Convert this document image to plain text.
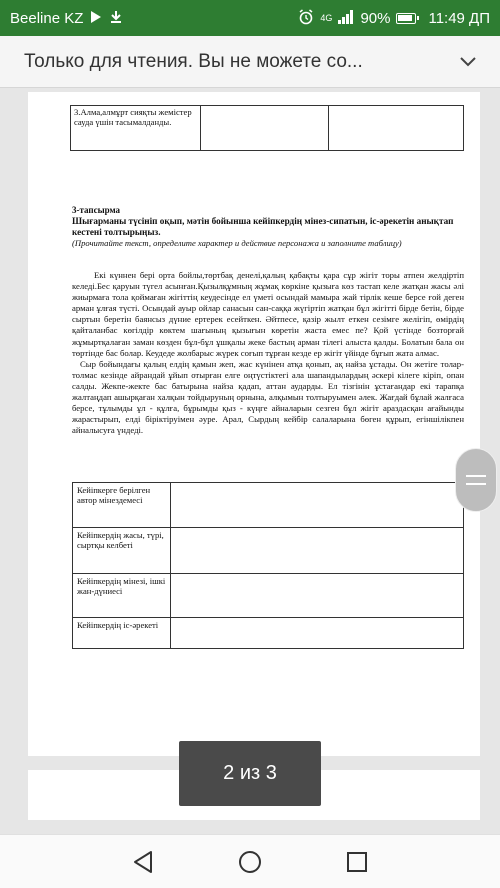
Beeline KZ	4G 90%	11:49 ДП
Только для чтения. Вы не можете со...
3.Алма,алмұрт сияқты жемістер сауда үшін тасымалданды.
3-тапсырма
Шығарманы түсініп оқып, мәтін бойынша кейіпкердің мінез-сипатын, іс-әрекетін анықтап
кестені толтырыңыз.
(Прочитайте текст, определите характер и действие персонажа и заполните таблицу)

Екі күннен бері орта бойлы,төртбақ денелі,қалың қабақты қара сұр жігіт торы атпен желдіртіп келеді.Бес қаруын түгел асынған.Қызылқұмның жұмақ көркіне қызыға көз тастап келе жатқан жасы әлі жиырмаға тола қоймаған жігіттің кеудесінде ел үметі осындай мамыра жай тірлік кеше берсе ғой деген арман ұлғая түсті. Осындай ауыр ойлар санасын сан-саққа жүгіртіп жатқан бұл жігітті бірде бетін, бірде сыртын беретін баянсыз дүние ертерек есейткен. Әйтпесе, қазір жылт еткен сезімге желігіп, өмірдің қайталанбас көгілдір көктем шағының қызығын көретін жаста емес пе? Қой үстінде бозторғай жұмыртқалаған заман көзден бұл-бұл ұшқалы жеке бастың арман тілегі алыста қалды. Болатын бала он төртінде бас болар. Кеудеде жолбарыс жүрек соғып тұрған кезде ер жігіт үйінде бұғып жата алмас.

Сыр бойындағы қалың елдің қамын жеп, жас күнінен атқа қонып, ақ найза ұстады. Он жетіге толар-толмас кезінде айрандай ұйып отырған елге оңтүстіктегі ала шапандылардың әскері кілеге кіріп, опан салды. Жекпе-жекте бас батырына найза қадап, аттан аударды. Ел тізгінін ұстағандар екі тарапқа жалтаңдап ашырқаған халқын тойдыруның орнына, алқымын толтыруымен әлек. Жағдай бұлай жалғаса берсе, тұлымды ұл - құлға, бұрымды қыз - күңге айналарын сезген бұл жігіт араздасқан ағайынды жарастырып, елді біріктіруімен әуре. Арал, Сырдың кейбір салаларына бөген құрып, егіншілікпен айналысуға үндеді.

Кейіпкерге берілген автор мінездемесі
Кейіпкердің жасы, түрі, сыртқы келбеті
Кейіпкердің мінезі, ішкі жан-дүниесі
Кейіпкердің іс-әрекеті
2 из 3
